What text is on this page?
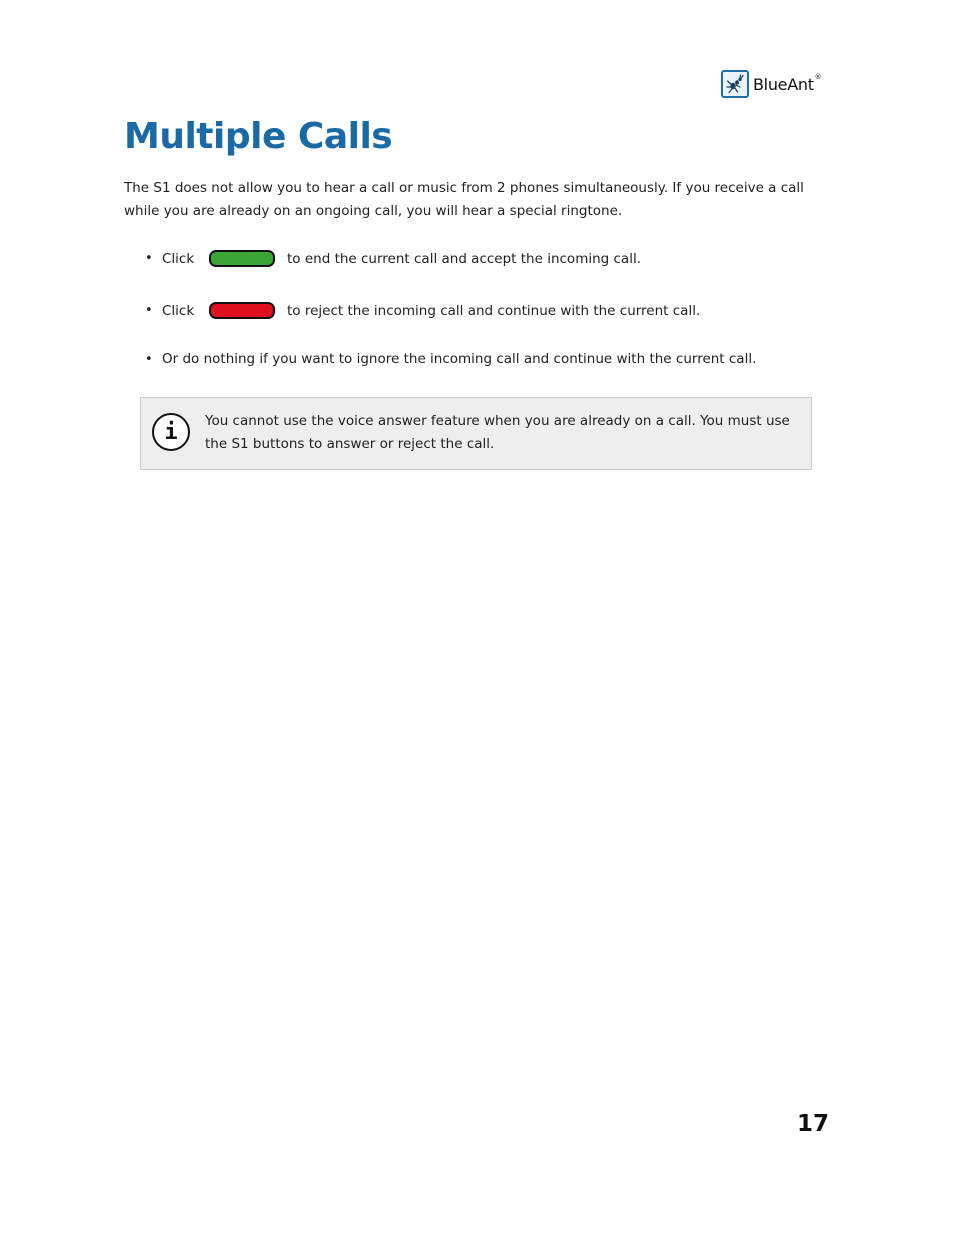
BlueAnt®
Multiple Calls

The S1 does not allow you to hear a call or music from 2 phones simultaneously. If you receive a call while you are already on an ongoing call, you will hear a special ringtone.

• Click	to end the current call and accept the incoming call.
• Click	to reject the incoming call and continue with the current call.
• Or do nothing if you want to ignore the incoming call and continue with the current call.
i	You cannot use the voice answer feature when you are already on a call. You must use the S1 buttons to answer or reject the call.

17
